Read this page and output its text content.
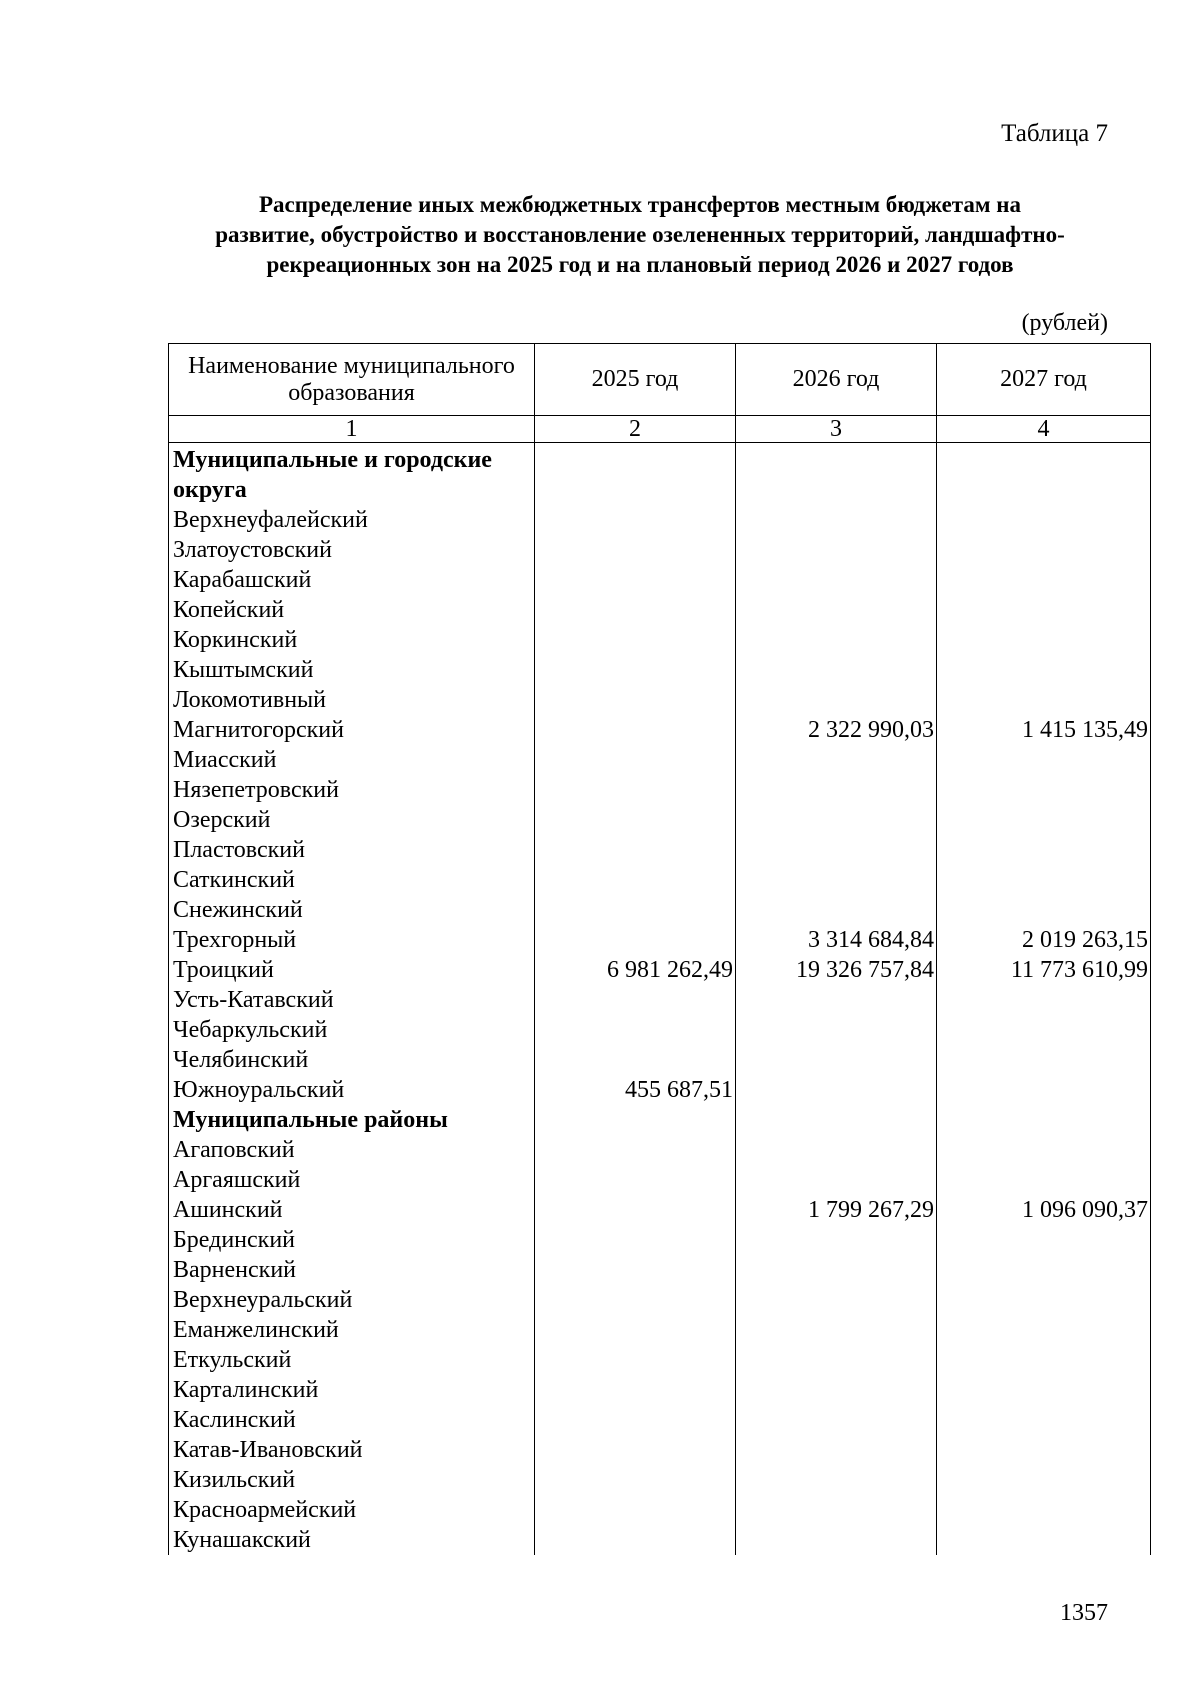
Таблица 7
Распределение иных межбюджетных трансфертов местным бюджетам на
развитие, обустройство и восстановление озелененных территорий, ландшафтно-
рекреационных зон на 2025 год и на плановый период 2026 и 2027 годов
(рублей)
Наименование муниципального образования	2025 год	2026 год	2027 год
1	2	3	4
Муниципальные и городские			
округа			
Верхнеуфалейский			
Златоустовский			
Карабашский			
Копейский			
Коркинский			
Кыштымский			
Локомотивный			
Магнитогорский		2 322 990,03	1 415 135,49
Миасский			
Нязепетровский			
Озерский			
Пластовский			
Саткинский			
Снежинский			
Трехгорный		3 314 684,84	2 019 263,15
Троицкий	6 981 262,49	19 326 757,84	11 773 610,99
Усть-Катавский			
Чебаркульский			
Челябинский			
Южноуральский	455 687,51		
Муниципальные районы			
Агаповский			
Аргаяшский			
Ашинский		1 799 267,29	1 096 090,37
Брединский			
Варненский			
Верхнеуральский			
Еманжелинский			
Еткульский			
Карталинский			
Каслинский			
Катав-Ивановский			
Кизильский			
Красноармейский			
Кунашакский			
1357
